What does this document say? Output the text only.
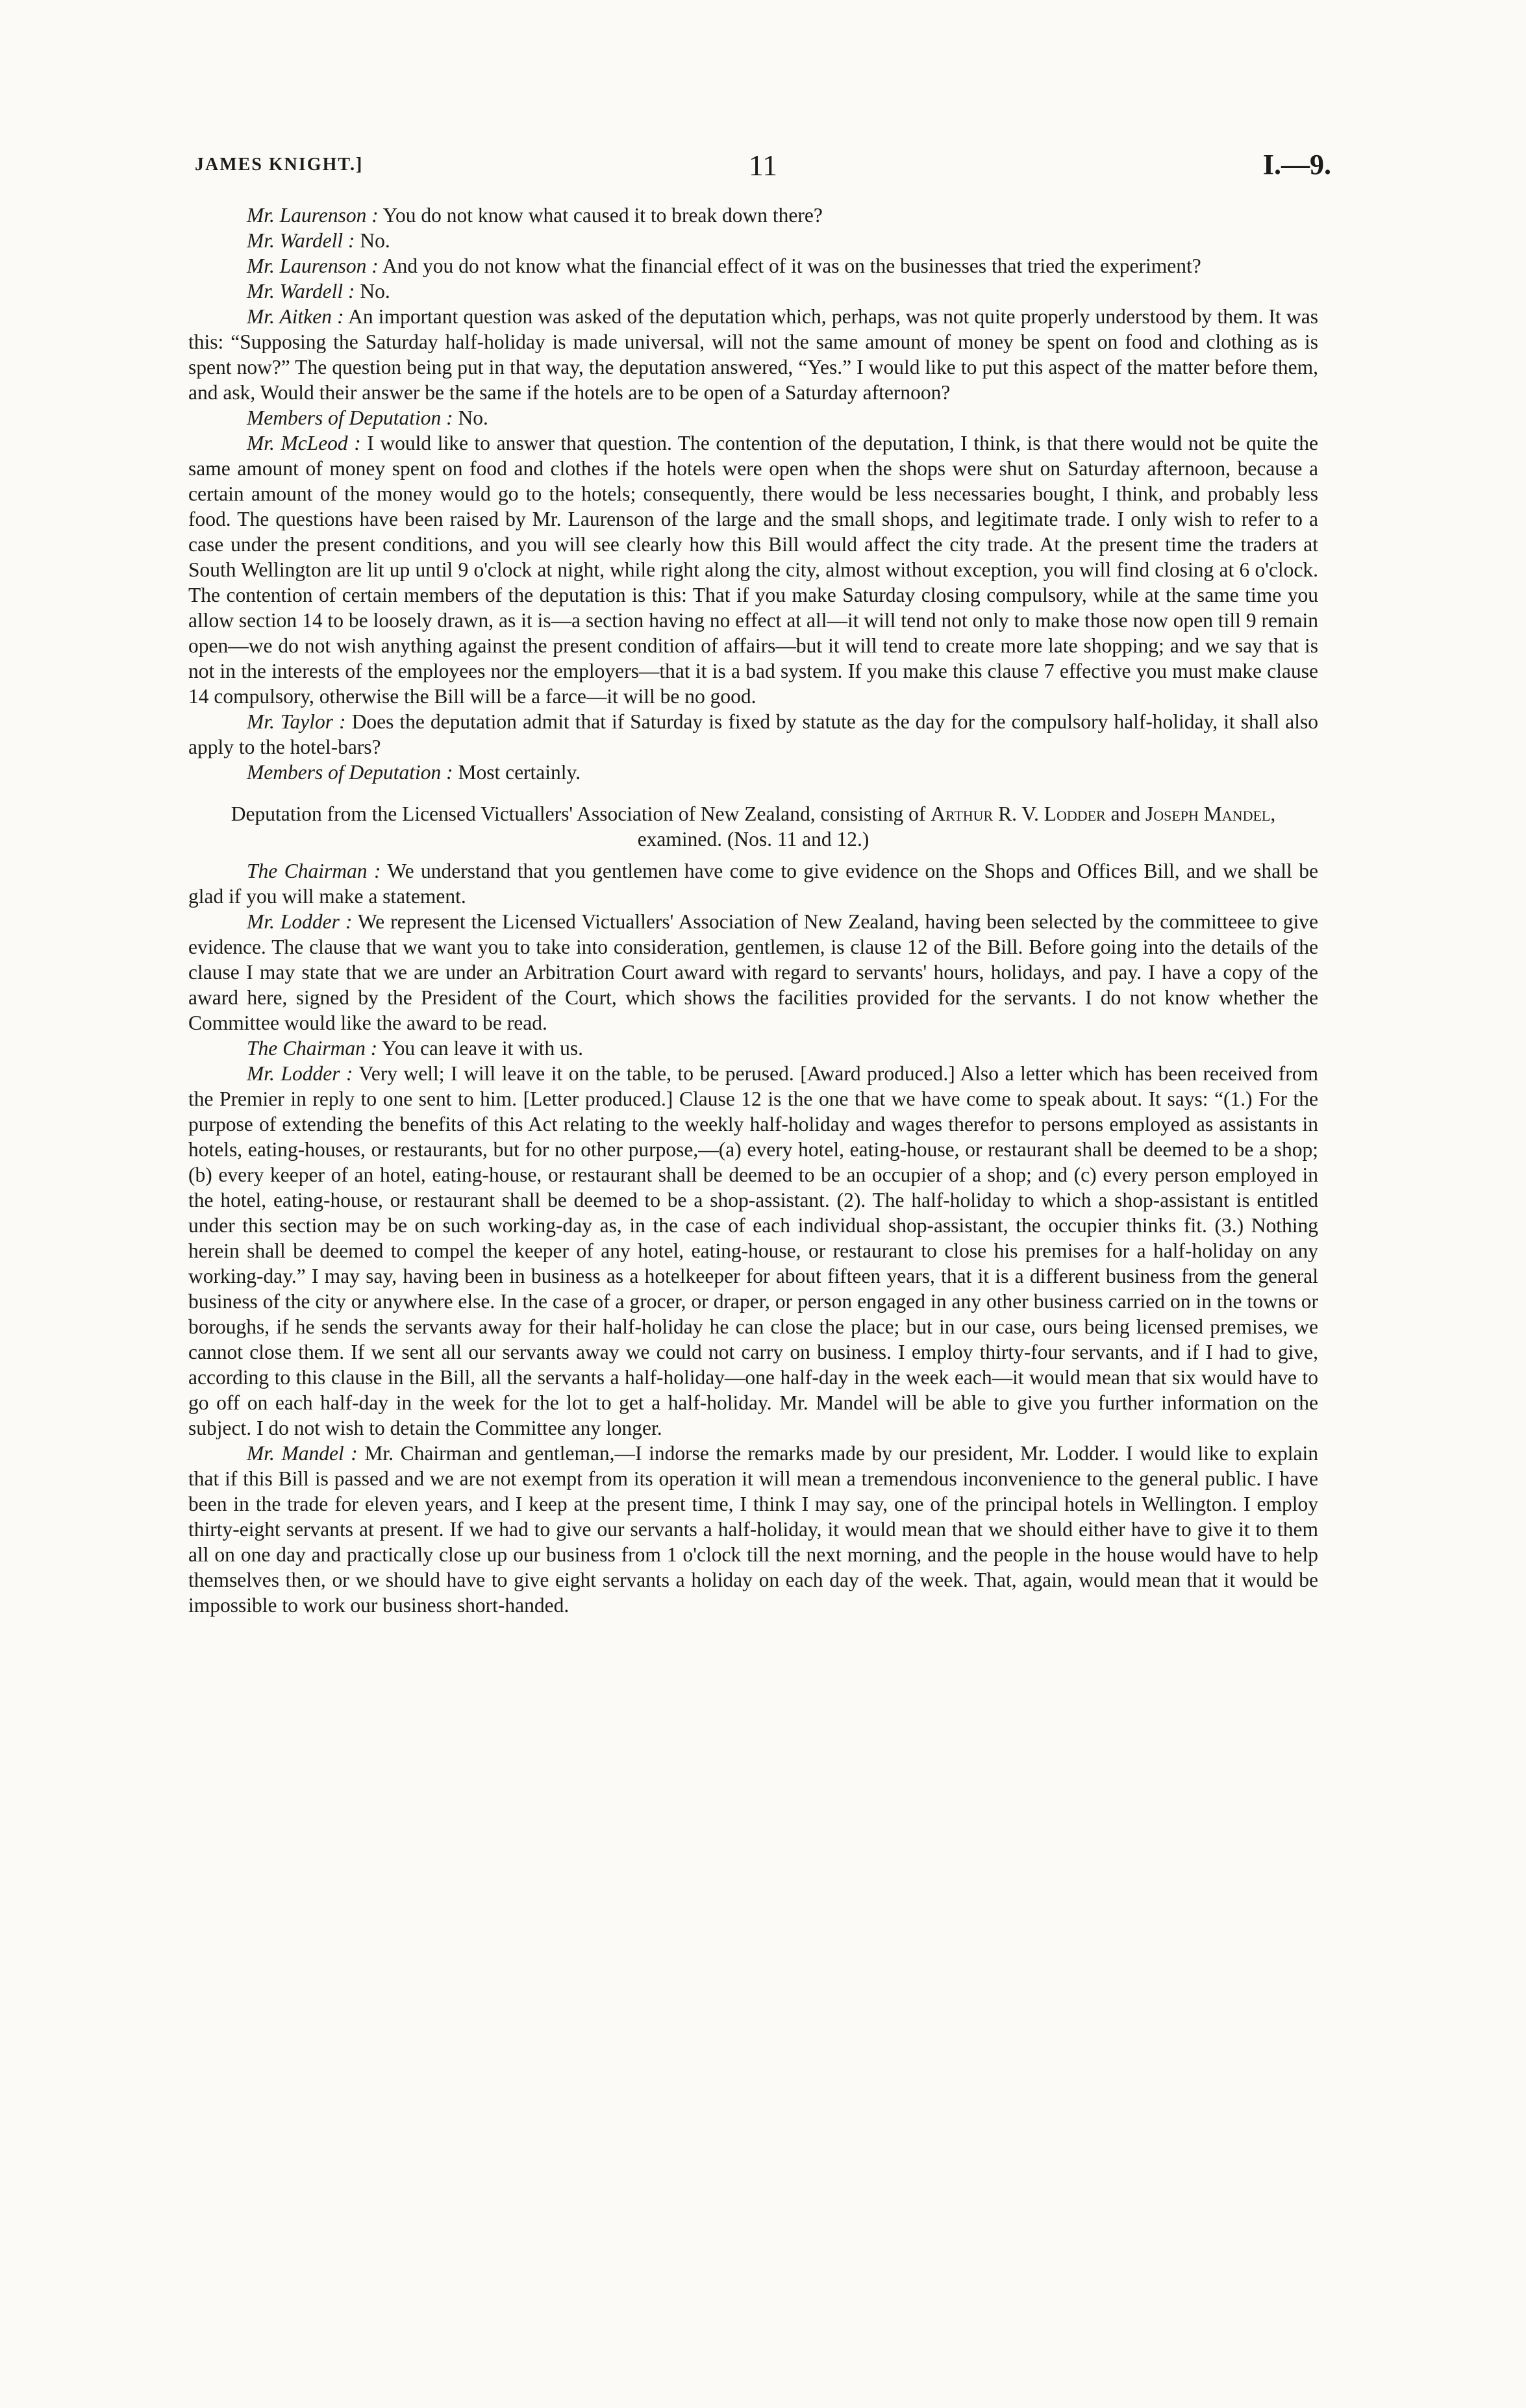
JAMES KNIGHT.]	11	I.—9.

Mr. Laurenson : You do not know what caused it to break down there?

Mr. Wardell : No.

Mr. Laurenson : And you do not know what the financial effect of it was on the businesses that tried the experiment?

Mr. Wardell : No.

Mr. Aitken : An important question was asked of the deputation which, perhaps, was not quite properly understood by them. It was this: “Supposing the Saturday half-holiday is made universal, will not the same amount of money be spent on food and clothing as is spent now?” The question being put in that way, the deputation answered, “Yes.” I would like to put this aspect of the matter before them, and ask, Would their answer be the same if the hotels are to be open of a Saturday afternoon?

Members of Deputation : No.

Mr. McLeod : I would like to answer that question. The contention of the deputation, I think, is that there would not be quite the same amount of money spent on food and clothes if the hotels were open when the shops were shut on Saturday afternoon, because a certain amount of the money would go to the hotels; consequently, there would be less necessaries bought, I think, and probably less food. The questions have been raised by Mr. Laurenson of the large and the small shops, and legitimate trade. I only wish to refer to a case under the present conditions, and you will see clearly how this Bill would affect the city trade. At the present time the traders at South Wellington are lit up until 9 o'clock at night, while right along the city, almost without exception, you will find closing at 6 o'clock. The contention of certain members of the deputation is this: That if you make Saturday closing compulsory, while at the same time you allow section 14 to be loosely drawn, as it is—a section having no effect at all—it will tend not only to make those now open till 9 remain open—we do not wish anything against the present condition of affairs—but it will tend to create more late shopping; and we say that is not in the interests of the employees nor the employers—that it is a bad system. If you make this clause 7 effective you must make clause 14 compulsory, otherwise the Bill will be a farce—it will be no good.

Mr. Taylor : Does the deputation admit that if Saturday is fixed by statute as the day for the compulsory half-holiday, it shall also apply to the hotel-bars?

Members of Deputation : Most certainly.

Deputation from the Licensed Victuallers' Association of New Zealand, consisting of Arthur R. V. Lodder and Joseph Mandel, examined. (Nos. 11 and 12.)

The Chairman : We understand that you gentlemen have come to give evidence on the Shops and Offices Bill, and we shall be glad if you will make a statement.

Mr. Lodder : We represent the Licensed Victuallers' Association of New Zealand, having been selected by the committeee to give evidence. The clause that we want you to take into consideration, gentlemen, is clause 12 of the Bill. Before going into the details of the clause I may state that we are under an Arbitration Court award with regard to servants' hours, holidays, and pay. I have a copy of the award here, signed by the President of the Court, which shows the facilities provided for the servants. I do not know whether the Committee would like the award to be read.

The Chairman : You can leave it with us.

Mr. Lodder : Very well; I will leave it on the table, to be perused. [Award produced.] Also a letter which has been received from the Premier in reply to one sent to him. [Letter produced.] Clause 12 is the one that we have come to speak about. It says: “(1.) For the purpose of extending the benefits of this Act relating to the weekly half-holiday and wages therefor to persons employed as assistants in hotels, eating-houses, or restaurants, but for no other purpose,—(a) every hotel, eating-house, or restaurant shall be deemed to be a shop; (b) every keeper of an hotel, eating-house, or restaurant shall be deemed to be an occupier of a shop; and (c) every person employed in the hotel, eating-house, or restaurant shall be deemed to be a shop-assistant. (2). The half-holiday to which a shop-assistant is entitled under this section may be on such working-day as, in the case of each individual shop-assistant, the occupier thinks fit. (3.) Nothing herein shall be deemed to compel the keeper of any hotel, eating-house, or restaurant to close his premises for a half-holiday on any working-day.” I may say, having been in business as a hotelkeeper for about fifteen years, that it is a different business from the general business of the city or anywhere else. In the case of a grocer, or draper, or person engaged in any other business carried on in the towns or boroughs, if he sends the servants away for their half-holiday he can close the place; but in our case, ours being licensed premises, we cannot close them. If we sent all our servants away we could not carry on business. I employ thirty-four servants, and if I had to give, according to this clause in the Bill, all the servants a half-holiday—one half-day in the week each—it would mean that six would have to go off on each half-day in the week for the lot to get a half-holiday. Mr. Mandel will be able to give you further information on the subject. I do not wish to detain the Committee any longer.

Mr. Mandel : Mr. Chairman and gentleman,—I indorse the remarks made by our president, Mr. Lodder. I would like to explain that if this Bill is passed and we are not exempt from its operation it will mean a tremendous inconvenience to the general public. I have been in the trade for eleven years, and I keep at the present time, I think I may say, one of the principal hotels in Wellington. I employ thirty-eight servants at present. If we had to give our servants a half-holiday, it would mean that we should either have to give it to them all on one day and practically close up our business from 1 o'clock till the next morning, and the people in the house would have to help themselves then, or we should have to give eight servants a holiday on each day of the week. That, again, would mean that it would be impossible to work our business short-handed.
